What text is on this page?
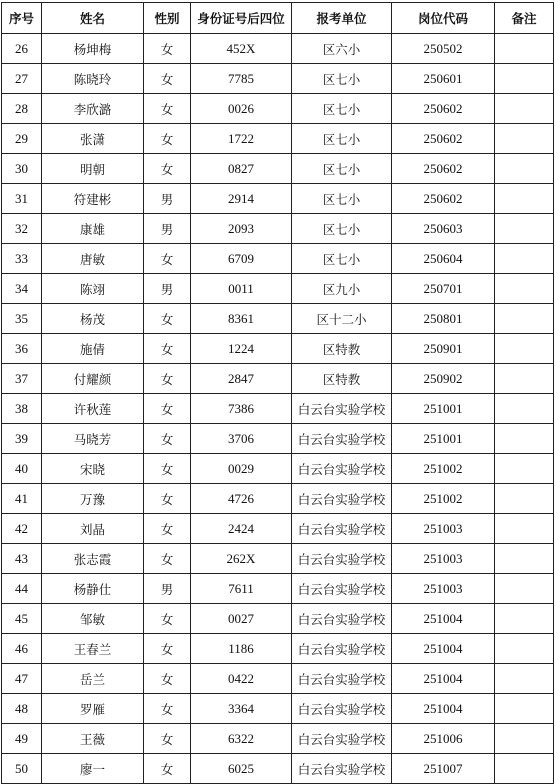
序号	姓名	性别	身份证号后四位	报考单位	岗位代码	备注
26	杨坤梅	女	452X	区六小	250502	
27	陈晓玲	女	7785	区七小	250601	
28	李欣潞	女	0026	区七小	250602	
29	张潇	女	1722	区七小	250602	
30	明朝	女	0827	区七小	250602	
31	符建彬	男	2914	区七小	250602	
32	康雄	男	2093	区七小	250603	
33	唐敏	女	6709	区七小	250604	
34	陈翊	男	0011	区九小	250701	
35	杨茂	女	8361	区十二小	250801	
36	施倩	女	1224	区特教	250901	
37	付耀颜	女	2847	区特教	250902	
38	许秋莲	女	7386	白云台实验学校	251001	
39	马晓芳	女	3706	白云台实验学校	251001	
40	宋晓	女	0029	白云台实验学校	251002	
41	万豫	女	4726	白云台实验学校	251002	
42	刘晶	女	2424	白云台实验学校	251003	
43	张志霞	女	262X	白云台实验学校	251003	
44	杨静仕	男	7611	白云台实验学校	251003	
45	邹敏	女	0027	白云台实验学校	251004	
46	王春兰	女	1186	白云台实验学校	251004	
47	岳兰	女	0422	白云台实验学校	251004	
48	罗雁	女	3364	白云台实验学校	251004	
49	王薇	女	6322	白云台实验学校	251006	
50	廖一	女	6025	白云台实验学校	251007	
